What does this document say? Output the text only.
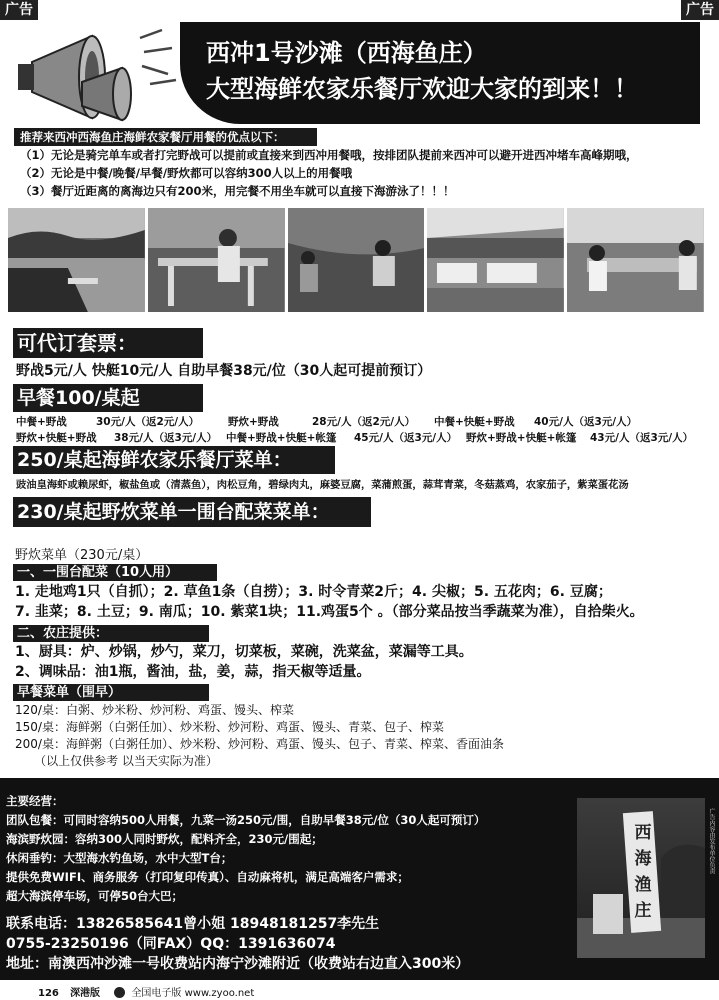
广告	广告
西冲1号沙滩（西海鱼庄）
大型海鲜农家乐餐厅欢迎大家的到来！！
推荐来西冲西海鱼庄海鲜农家餐厅用餐的优点以下：

（1）无论是骑完单车或者打完野战可以提前或直接来到西冲用餐哦，按排团队提前来西冲可以避开进西冲堵车高峰期哦，

（2）无论是中餐/晚餐/早餐/野炊都可以容纳300人以上的用餐哦

（3）餐厅近距离的离海边只有200米，用完餐不用坐车就可以直接下海游泳了！！！

可代订套票：
野战5元/人 快艇10元/人 自助早餐38元/位（30人起可提前预订）
早餐100/桌起
中餐+野战	30元/人（返2元/人）	野炊+野战	28元/人（返2元/人） 中餐+快艇+野战 40元/人（返3元/人）
野炊+快艇+野战 38元/人（返3元/人） 中餐+野战+快艇+帐篷 45元/人（返3元/人） 野炊+野战+快艇+帐篷 43元/人（返3元/人）
250/桌起海鲜农家乐餐厅菜单：
豉油皇海虾或赖尿虾，椒盐鱼或（清蒸鱼），肉松豆角，碧绿肉丸，麻婆豆腐，菜蒲煎蛋，蒜茸青菜，冬菇蒸鸡，农家茄子，紫菜蛋花汤
230/桌起野炊菜单一围台配菜菜单：
野炊菜单（230元/桌）
一、一围台配菜（10人用）
1. 走地鸡1只（自抓）；2. 草鱼1条（自捞）；3. 时令青菜2斤；4. 尖椒；5. 五花肉；6. 豆腐；
7. 韭菜；8. 土豆；9. 南瓜；10. 紫菜1块；11.鸡蛋5个 。（部分菜品按当季蔬菜为准），自拾柴火。
二、农庄提供：
1、厨具：炉、炒锅，炒勺，菜刀，切菜板，菜碗，洗菜盆，菜漏等工具。
2、调味品：油1瓶，酱油，盐，姜，蒜，指天椒等适量。
早餐菜单（围早）
120/桌：白粥、炒米粉、炒河粉、鸡蛋、馒头、榨菜
150/桌：海鲜粥（白粥任加）、炒米粉、炒河粉、鸡蛋、馒头、青菜、包子、榨菜
200/桌：海鲜粥（白粥任加）、炒米粉、炒河粉、鸡蛋、馒头、包子、青菜、榨菜、香面油条
（以上仅供参考 以当天实际为准）
主要经营：
团队包餐：可同时容纳500人用餐，九菜一汤250元/围，自助早餐38元/位（30人起可预订）
海滨野炊园：容纳300人同时野炊，配料齐全，230元/围起；
休闲垂钓：大型海水钓鱼场，水中大型T台；
提供免费WIFI、商务服务（打印复印传真）、自动麻将机，满足高端客户需求；
超大海滨停车场，可停50台大巴；
联系电话：13826585641曾小姐 18948181257李先生
0755-23250196（同FAX）QQ：1391636074
地址：南澳西冲沙滩一号收费站内海宁沙滩附近（收费站右边直入300米）
西海渔庄
广告内容由发布单位负责
126 深港版	全国电子版 www.zyoo.net
